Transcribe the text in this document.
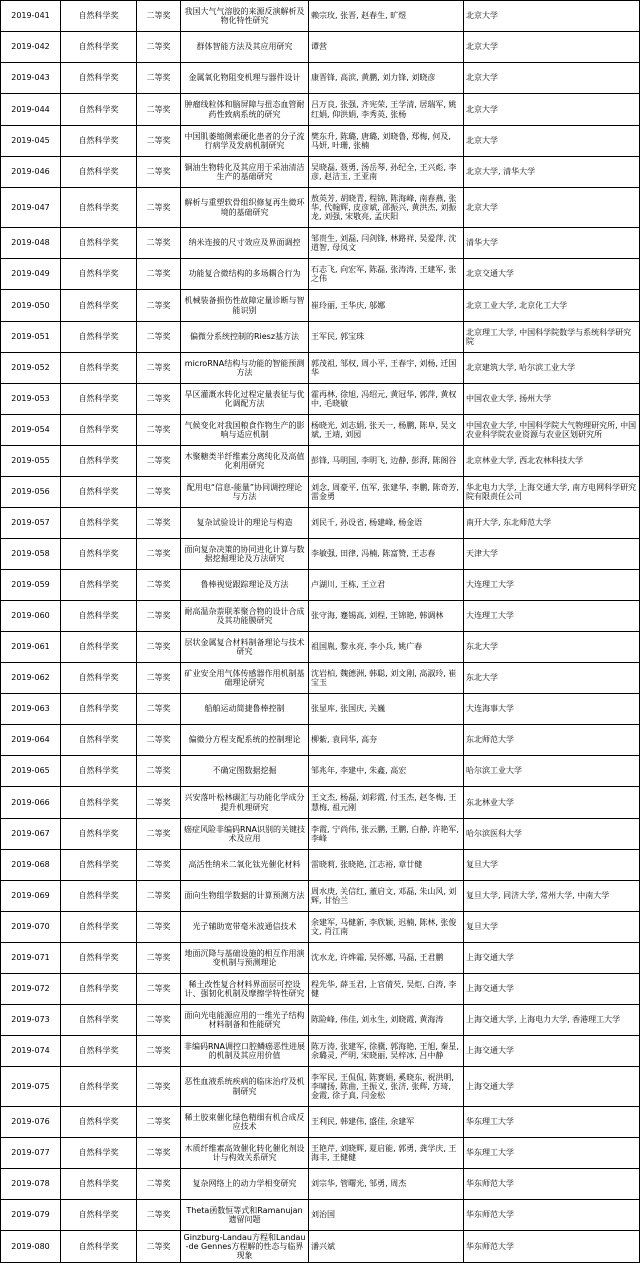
2019-041	自然科学奖	二等奖	我国大气气溶胶的来源反演解析及物化特性研究	赖宗玫, 张晋, 赵春生, 旷煜	北京大学
2019-042	自然科学奖	二等奖	群体智能方法及其应用研究	谭营	北京大学
2019-043	自然科学奖	二等奖	金属氧化物阻变机理与器件设计	康晋锋, 高滨, 黄鹏, 刘力锋, 刘晓彦	北京大学
2019-044	自然科学奖	二等奖	肿瘤线粒体和脑屏障与扭态血管耐药性致病系统的研究	吕万良, 张强, 齐宪荣, 王学清, 居瑞军, 姚红娟, 仰洪娟, 李秀英, 张杨	北京大学
2019-045	自然科学奖	二等奖	中国肌萎缩侧索硬化患者的分子流行病学及发病机制研究	樊东升, 陈璐, 唐璐, 刘晓鲁, 郑梅, 何及, 马妍, 叶珊, 张楠	北京大学
2019-046	自然科学奖	二等奖	铜油生物转化及其应用于采油清洁生产的基础研究	吴晓磊, 聂勇, 汤岳琴, 孙纪全, 王兴彪, 李彦, 赵洁玉, 王亚南	北京大学, 清华大学
2019-047	自然科学奖	二等奖	解析与重塑软骨组织修复再生微环境的基础研究	敖英芳, 胡晓青, 程锦, 陈海峰, 南春燕, 张华, 代翰辉, 皮彦斌, 邵振兴, 黄洪杰, 刘振龙, 刘强, 宋敬亮, 孟庆阳	北京大学
2019-048	自然科学奖	二等奖	纳米连接的尺寸效应及界面调控	邹贵生, 刘磊, 闫剑锋, 林路祥, 吴爱萍, 沈道智, 母凤文	清华大学
2019-049	自然科学奖	二等奖	功能复合微结构的多场耦合行为	石志飞, 向宏军, 陈磊, 张涛涛, 王建军, 张之伟	北京交通大学
2019-050	自然科学奖	二等奖	机械装备损伤性故障定量诊断与智能识别	崔玲丽, 王华庆, 邬娜	北京工业大学, 北京化工大学
2019-051	自然科学奖	二等奖	偏微分系统控制的Riesz基方法	王军民, 郭宝珠	北京理工大学, 中国科学院数学与系统科学研究院
2019-052	自然科学奖	二等奖	microRNA结构与功能的智能预测方法	郭茂祖, 邹权, 周小平, 王春宇, 刘杨, 迁国华	北京建筑大学, 哈尔滨工业大学
2019-053	自然科学奖	二等奖	旱区灌溉水转化过程定量表征与优化调配方法	霍再林, 徐旭, 冯绍元, 黄冠华, 郭萍, 黄权中, 毛晓敏	中国农业大学, 扬州大学
2019-054	自然科学奖	二等奖	气候变化对我国粮食作物生产的影响与适应机制	杨晓光, 刘志娟, 张天一, 杨鹏, 陈阜, 吴文斌, 王靖, 刘园	中国农业大学, 中国科学院大气物理研究所, 中国农业科学院农业资源与农业区划研究所
2019-055	自然科学奖	二等奖	木聚糖类半纤维素分离纯化及高值化利用研究	彭锋, 马明国, 李明飞, 边静, 彭湃, 陈阁谷	北京林业大学, 西北农林科技大学
2019-056	自然科学奖	二等奖	配用电“信息-能量”协同调控理论与方法	刘念, 周豪平, 伍军, 张建华, 李鹏, 陈奇芳, 雷金勇	华北电力大学, 上海交通大学, 南方电网科学研究院有限责任公司
2019-057	自然科学奖	二等奖	复杂试验设计的理论与构造	刘民千, 孙设省, 杨建峰, 杨金语	南开大学, 东北师范大学
2019-058	自然科学奖	二等奖	面向复杂决策的协同进化计算与数据挖掘理论及方法研究	李敏强, 田律, 冯楠, 陈富赞, 王志春	天津大学
2019-059	自然科学奖	二等奖	鲁棒视觉跟踪理论及方法	卢湖川, 王栋, 王立君	大连理工大学
2019-060	自然科学奖	二等奖	耐高温杂萘联苯聚合物的设计合成及其功能膜研究	张守海, 蹇锡高, 刘程, 王锦艳, 韩调林	大连理工大学
2019-061	自然科学奖	二等奖	层状金属复合材料制备理论与技术研究	祖国胤, 黎永亮, 李小兵, 姚广春	东北大学
2019-062	自然科学奖	二等奖	矿业安全用气体传感器作用机制基础理论研究	沈岩柏, 魏德洲, 韩聪, 刘文刚, 高淑玲, 崔宝玉	东北大学
2019-063	自然科学奖	二等奖	船舶运动简捷鲁棒控制	张显库, 张国庆, 关巍	大连海事大学
2019-064	自然科学奖	二等奖	偏微分方程支配系统的控制理论	柳紫, 袁同华, 高夯	东北师范大学
2019-065	自然科学奖	二等奖	不确定图数据挖掘	邹兆年, 李建中, 朱鑫, 高宏	哈尔滨工业大学
2019-066	自然科学奖	二等奖	兴安落叶松林碳汇与功能化学成分提升机理研究	王文杰, 杨磊, 刘彩霞, 付玉杰, 赵冬梅, 王慧梅, 祖元刚	东北林业大学
2019-067	自然科学奖	二等奖	癌症风险非编码RNA识别的关键技术及应用	李霞, 宁尚伟, 张云鹏, 王鹏, 白静, 许艳军, 李峰	哈尔滨医科大学
2019-068	自然科学奖	二等奖	高活性纳米二氧化钛光催化材料	雷晓莉, 张晓艳, 江志裕, 章廿健	复旦大学
2019-069	自然科学奖	二等奖	面向生物组学数据的计算预测方法	周水庚, 关信红, 董启文, 邓磊, 朱山风, 刘辉, 甘怡兰	复旦大学, 同济大学, 常州大学, 中南大学
2019-070	自然科学奖	二等奖	光子辅助宽带毫米波通信技术	余建军, 马健新, 李欣颖, 迟楠, 陈林, 张俊文, 肖江南	复旦大学
2019-071	自然科学奖	二等奖	地面沉降与基础设施的相互作用演变机制与预测理论	沈水龙, 许烨霜, 吴怀娜, 马磊, 王君鹏	上海交通大学
2019-072	自然科学奖	二等奖	稀土改性复合材料界面层可控设计、强韧化机制及摩擦学特性研究	程先华, 薛玉君, 上官倩芡, 吴炬, 白涛, 李健	上海交通大学
2019-073	自然科学奖	二等奖	面向光电能源应用的一维光子结构材料制备和性能研究	陈险峰, 伟佳, 刘永生, 刘晓霞, 黄海涛	上海交通大学, 上海电力大学, 香港理工大学
2019-074	自然科学奖	二等奖	非编码RNA调控口腔鳞癌恶性进展的机制及其应用价值	陈万涛, 张建军, 徐骥, 郭海艳, 王旭, 秦星, 余璐灵, 严明, 宋晓丽, 吴梓冰, 吕中静	上海交通大学
2019-075	自然科学奖	二等奖	恶性血液系统疾病的临床治疗及机制研究	李军民, 王侃侃, 陈赛娟, 奚晓东, 祝洪明, 李啸扬, 陈曲, 王振义, 张济, 张辉, 方琦, 金霞, 徐子真, 闫金松	上海交通大学
2019-076	自然科学奖	二等奖	稀土胶束催化绿色精细有机合成反应技术	王利民, 韩建伟, 盛佳, 余建军	华东理工大学
2019-077	自然科学奖	二等奖	木质纤维素高效催化转化催化剂设计与构效关系研究	王艳芹, 刘晓辉, 夏启能, 郭勇, 龚学庆, 王海丰, 王健健	华东理工大学
2019-078	自然科学奖	二等奖	复杂网络上的动力学相变研究	刘宗华, 管曙光, 邹勇, 周杰	华东师范大学
2019-079	自然科学奖	二等奖	Theta函数恒等式和Ramanujan遗留问题	刘治国	华东师范大学
2019-080	自然科学奖	二等奖	Ginzburg-Landau方程和Landau-de Gennes方程解的性态与临界现象	潘兴斌	华东师范大学
